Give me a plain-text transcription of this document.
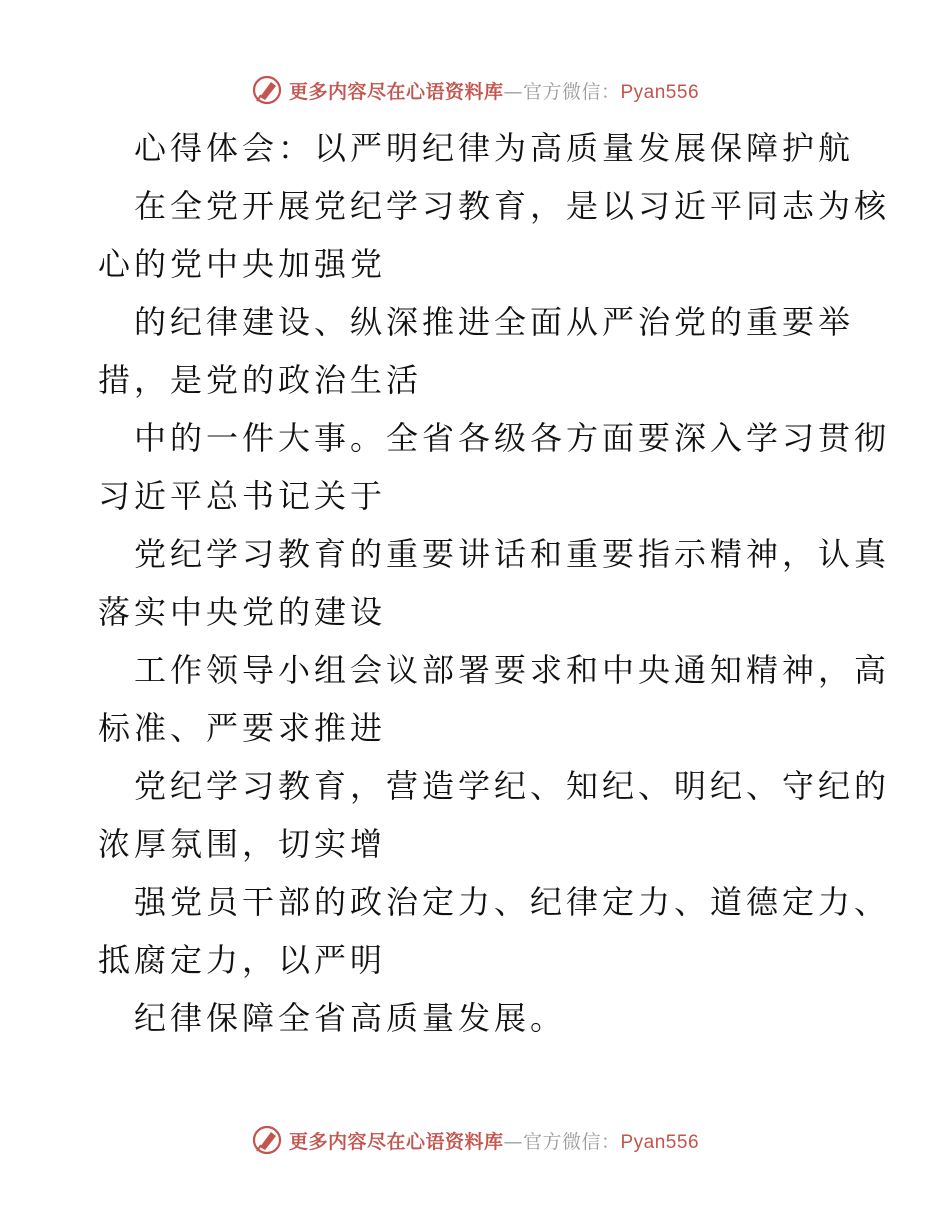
更多内容尽在心语资料库—官方微信：Pyan556
心得体会：以严明纪律为高质量发展保障护航
在全党开展党纪学习教育，是以习近平同志为核
心的党中央加强党
的纪律建设、纵深推进全面从严治党的重要举
措，是党的政治生活
中的一件大事。全省各级各方面要深入学习贯彻
习近平总书记关于
党纪学习教育的重要讲话和重要指示精神，认真
落实中央党的建设
工作领导小组会议部署要求和中央通知精神，高
标准、严要求推进
党纪学习教育，营造学纪、知纪、明纪、守纪的
浓厚氛围，切实增
强党员干部的政治定力、纪律定力、道德定力、
抵腐定力，以严明
纪律保障全省高质量发展。
更多内容尽在心语资料库—官方微信：Pyan556
